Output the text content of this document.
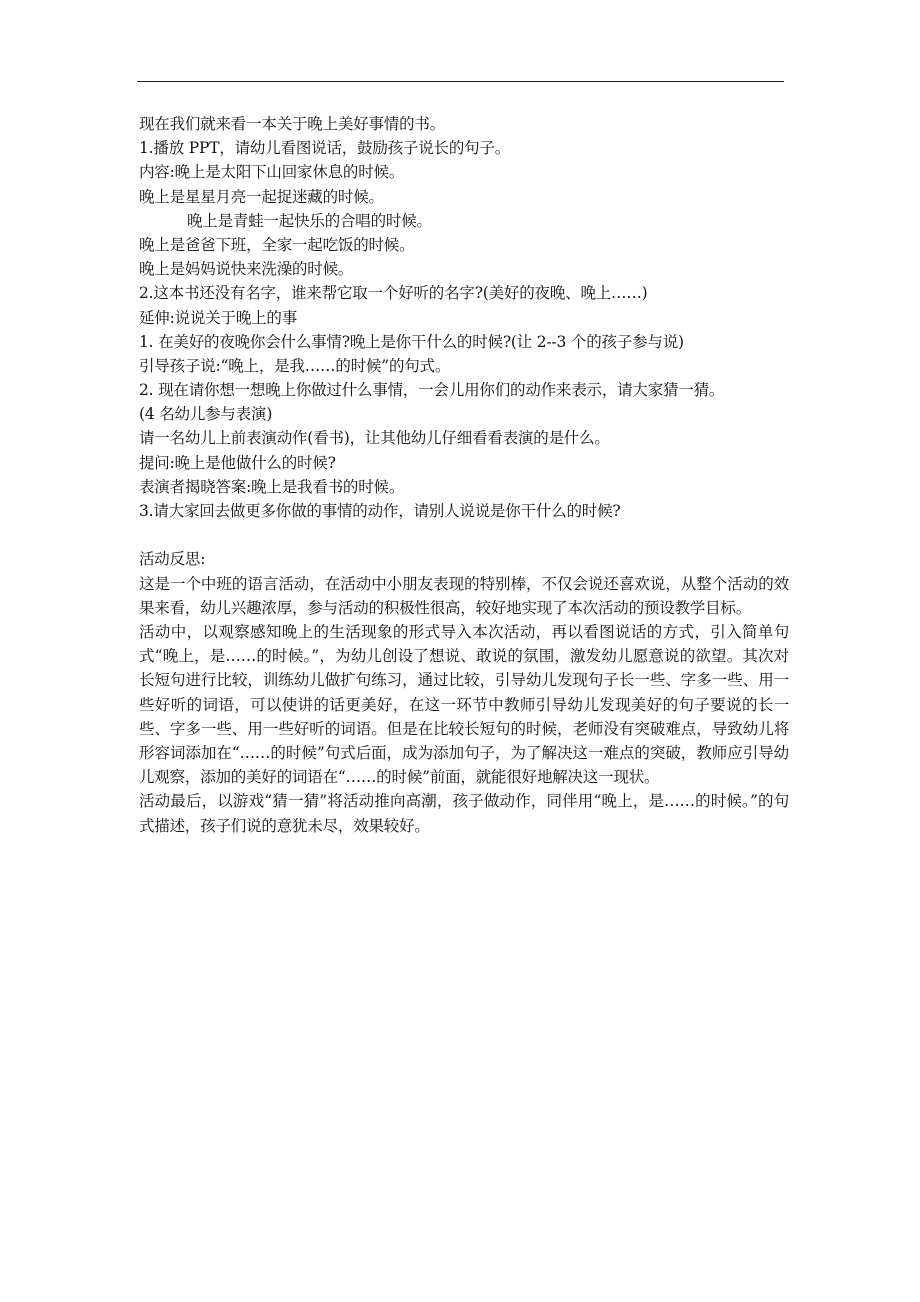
现在我们就来看一本关于晚上美好事情的书。

1.播放 PPT，请幼儿看图说话，鼓励孩子说长的句子。

内容:晚上是太阳下山回家休息的时候。

晚上是星星月亮一起捉迷藏的时候。

晚上是青蛙一起快乐的合唱的时候。

晚上是爸爸下班，全家一起吃饭的时候。

晚上是妈妈说快来洗澡的时候。

2.这本书还没有名字，谁来帮它取一个好听的名字?(美好的夜晚、晚上……)

延伸:说说关于晚上的事

1. 在美好的夜晚你会什么事情?晚上是你干什么的时候?(让 2--3 个的孩子参与说)

引导孩子说:“晚上，是我……的时候”的句式。

2. 现在请你想一想晚上你做过什么事情，一会儿用你们的动作来表示，请大家猜一猜。

(4 名幼儿参与表演)

请一名幼儿上前表演动作(看书)，让其他幼儿仔细看看表演的是什么。

提问:晚上是他做什么的时候?

表演者揭晓答案:晚上是我看书的时候。

3.请大家回去做更多你做的事情的动作，请别人说说是你干什么的时候?

活动反思:

这是一个中班的语言活动，在活动中小朋友表现的特别棒，不仅会说还喜欢说，从整个活动的效果来看，幼儿兴趣浓厚，参与活动的积极性很高，较好地实现了本次活动的预设教学目标。

活动中，以观察感知晚上的生活现象的形式导入本次活动，再以看图说话的方式，引入简单句式“晚上，是……的时候。”，为幼儿创设了想说、敢说的氛围，激发幼儿愿意说的欲望。其次对长短句进行比较，训练幼儿做扩句练习，通过比较，引导幼儿发现句子长一些、字多一些、用一些好听的词语，可以使讲的话更美好，在这一环节中教师引导幼儿发现美好的句子要说的长一些、字多一些、用一些好听的词语。但是在比较长短句的时候，老师没有突破难点，导致幼儿将形容词添加在“……的时候”句式后面，成为添加句子，为了解决这一难点的突破，教师应引导幼儿观察，添加的美好的词语在“……的时候”前面，就能很好地解决这一现状。

活动最后，以游戏“猜一猜”将活动推向高潮，孩子做动作，同伴用“晚上，是……的时候。”的句式描述，孩子们说的意犹未尽，效果较好。
